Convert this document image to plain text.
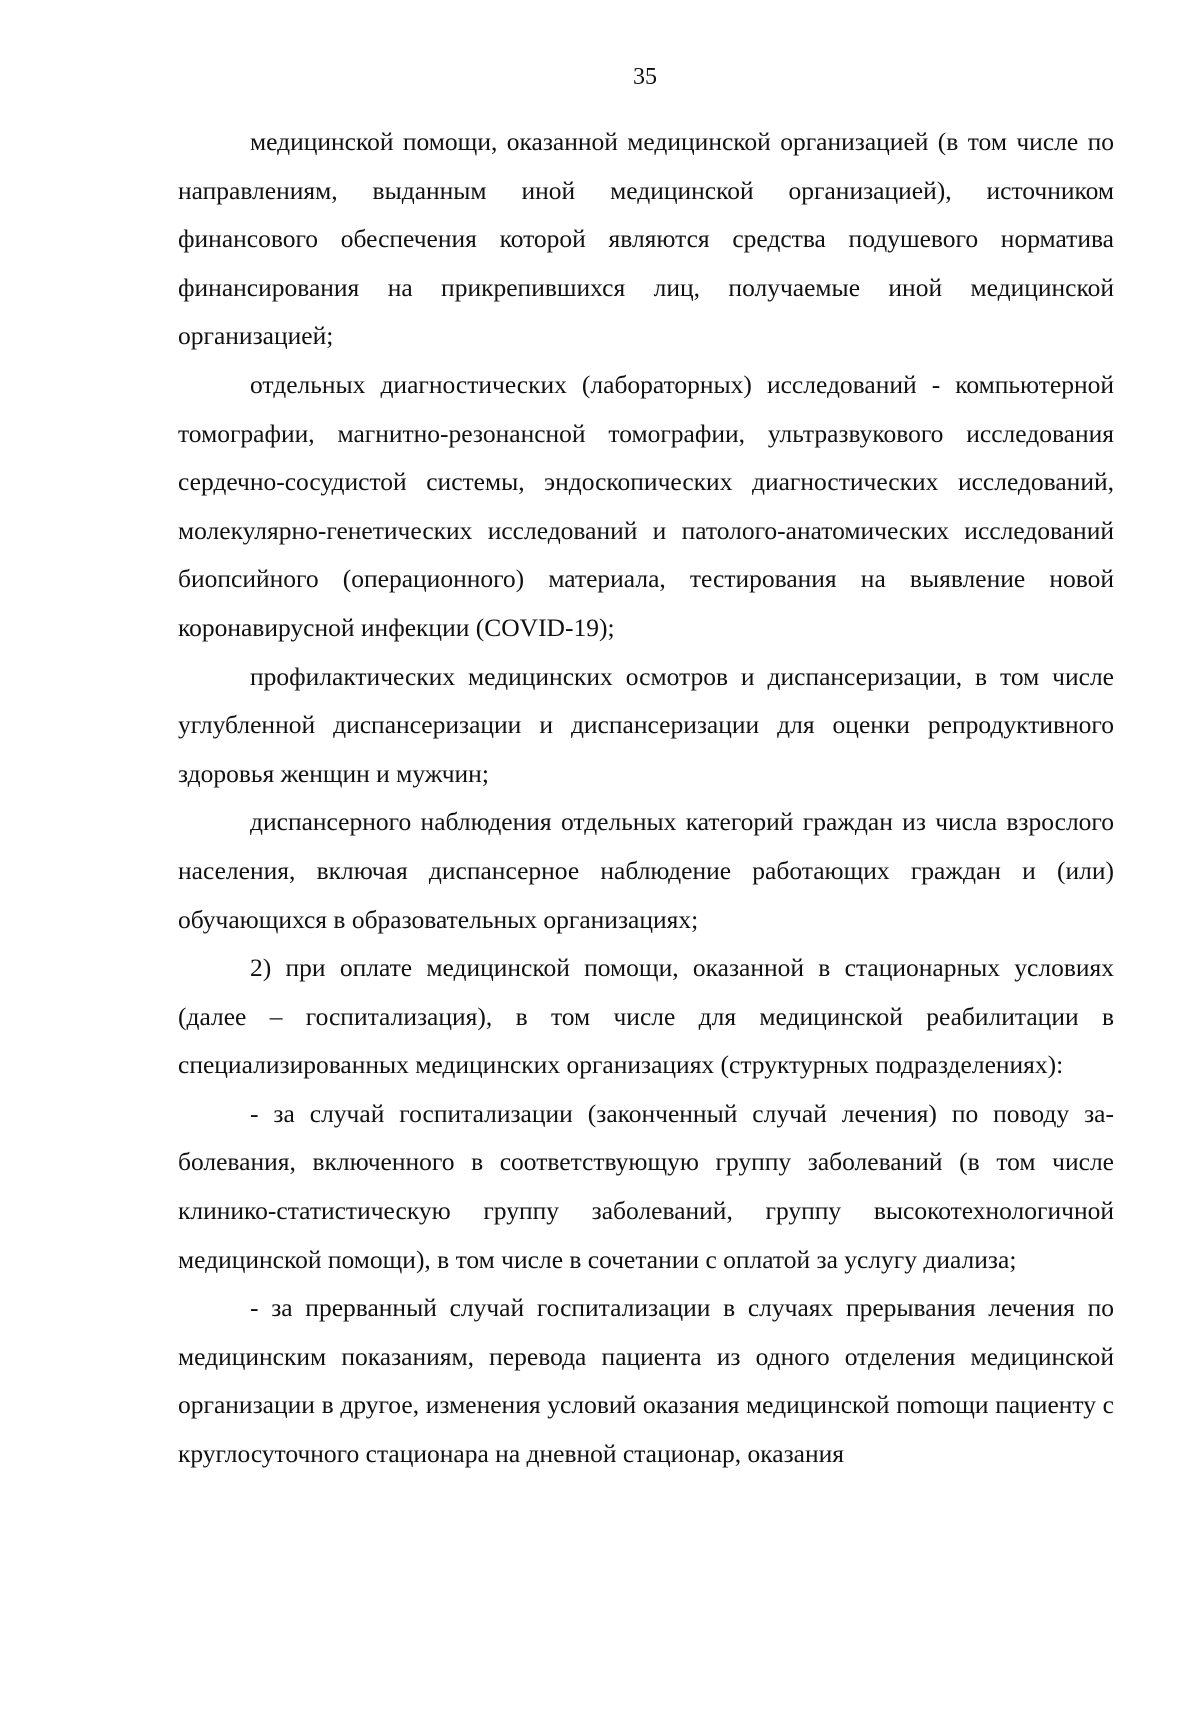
35

медицинской помощи, оказанной медицинской организацией (в том числе по направлениям, выданным иной медицинской организацией), источником финансового обеспечения которой являются средства подушевого норматива финансирования на прикрепившихся лиц, получаемые иной медицинской организацией;

отдельных диагностических (лабораторных) исследований - компьютерной томографии, магнитно-резонансной томографии, ультразвукового исследования сердечно-сосудистой системы, эндоскопических диагностических исследований, молекулярно-генетических исследований и патолого-анатомических исследований биопсийного (операционного) материала, тестирования на выявление новой коронавирусной инфекции (COVID-19);

профилактических медицинских осмотров и диспансеризации, в том числе углубленной диспансеризации и диспансеризации для оценки репродуктивного здоровья женщин и мужчин;

диспансерного наблюдения отдельных категорий граждан из числа взрослого населения, включая диспансерное наблюдение работающих граждан и (или) обучающихся в образовательных организациях;

2) при оплате медицинской помощи, оказанной в стационарных условиях (далее – госпитализация), в том числе для медицинской реабилитации в специализированных медицинских организациях (структурных подразделениях):

- за случай госпитализации (законченный случай лечения) по поводу заболевания, включенного в соответствующую группу заболеваний (в том числе клинико-статистическую группу заболеваний, группу высокотехнологичной медицинской помощи), в том числе в сочетании с оплатой за услугу диализа;

- за прерванный случай госпитализации в случаях прерывания лечения по медицинским показаниям, перевода пациента из одного отделения медицинской организации в другое, изменения условий оказания медицинской поmощи пациенту с круглосуточного стационара на дневной стационар, оказания
